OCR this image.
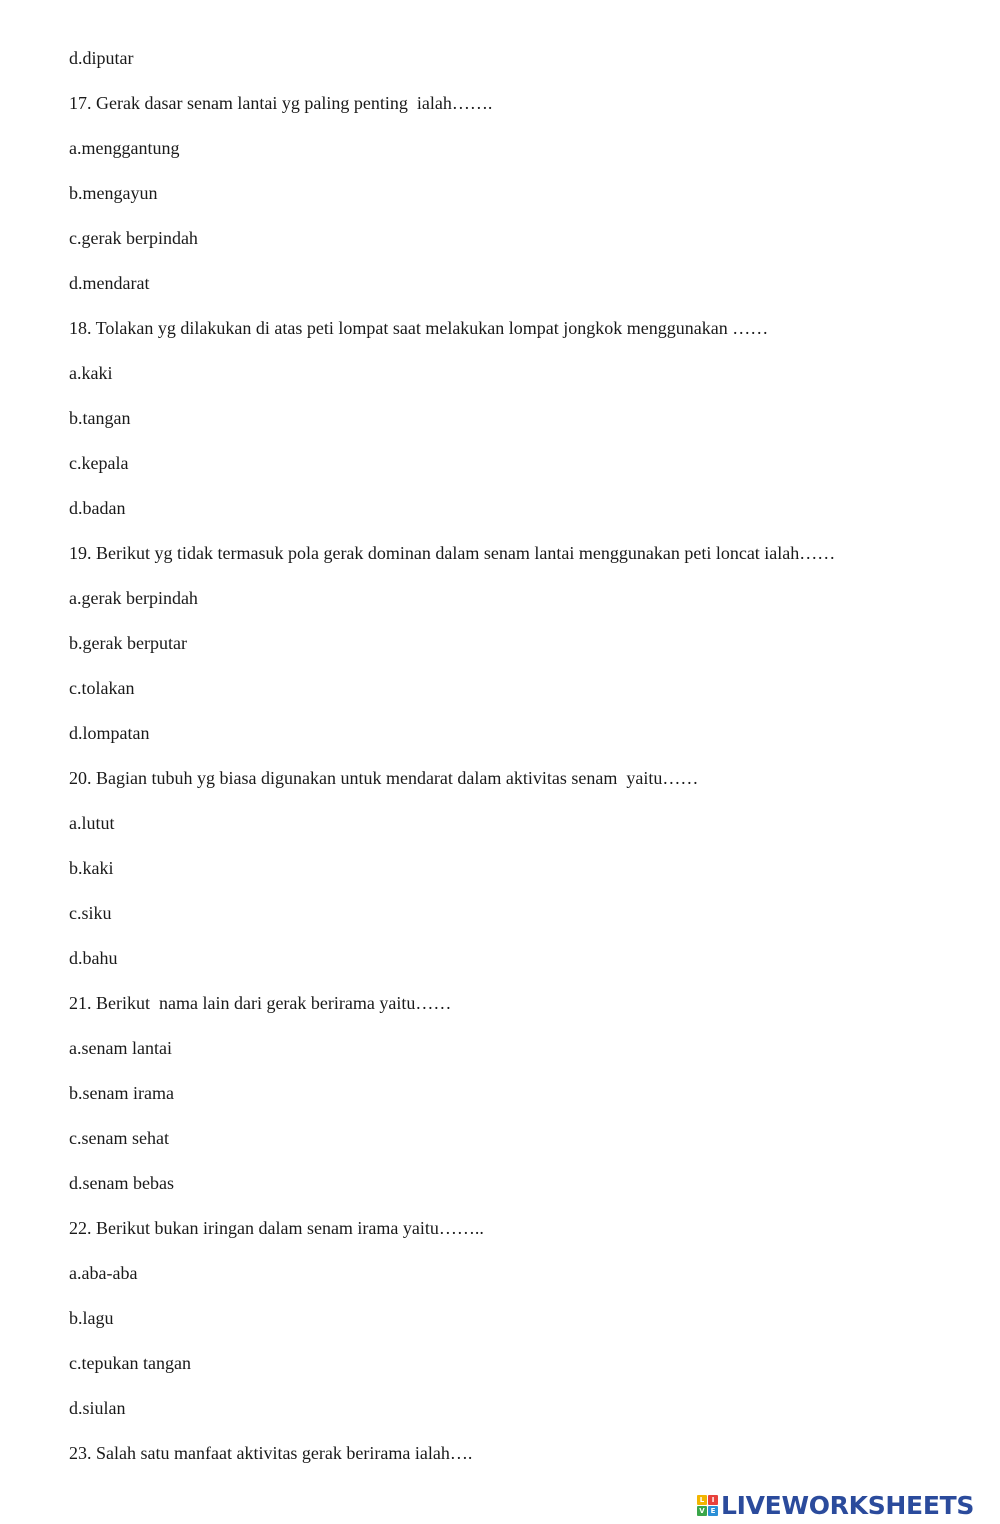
d.diputar
17. Gerak dasar senam lantai yg paling penting  ialah…….
a.menggantung
b.mengayun
c.gerak berpindah
d.mendarat
18. Tolakan yg dilakukan di atas peti lompat saat melakukan lompat jongkok menggunakan ……
a.kaki
b.tangan
c.kepala
d.badan
19. Berikut yg tidak termasuk pola gerak dominan dalam senam lantai menggunakan peti loncat ialah……
a.gerak berpindah
b.gerak berputar
c.tolakan
d.lompatan
20. Bagian tubuh yg biasa digunakan untuk mendarat dalam aktivitas senam  yaitu……
a.lutut
b.kaki
c.siku
d.bahu
21. Berikut  nama lain dari gerak berirama yaitu……
a.senam lantai
b.senam irama
c.senam sehat
d.senam bebas
22. Berikut bukan iringan dalam senam irama yaitu……..
a.aba-aba
b.lagu
c.tepukan tangan
d.siulan
23. Salah satu manfaat aktivitas gerak berirama ialah….
L	I
V E LIVEWORKSHEETS
